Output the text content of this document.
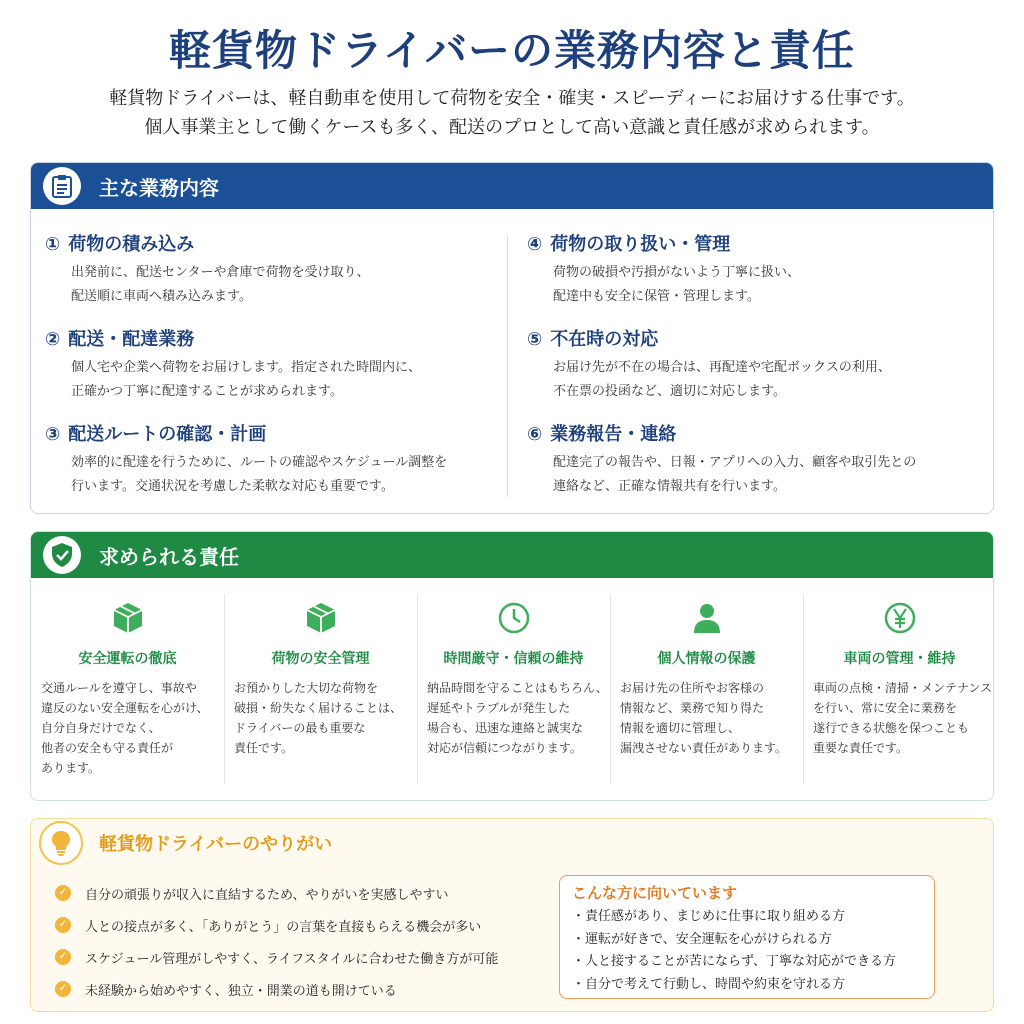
軽貨物ドライバーの業務内容と責任
軽貨物ドライバーは、軽自動車を使用して荷物を安全・確実・スピーディーにお届けする仕事です。
個人事業主として働くケースも多く、配送のプロとして高い意識と責任感が求められます。
主な業務内容
① 荷物の積み込み
出発前に、配送センターや倉庫で荷物を受け取り、
配送順に車両へ積み込みます。
② 配送・配達業務
個人宅や企業へ荷物をお届けします。指定された時間内に、
正確かつ丁寧に配達することが求められます。
③ 配送ルートの確認・計画
効率的に配達を行うために、ルートの確認やスケジュール調整を
行います。交通状況を考慮した柔軟な対応も重要です。
④ 荷物の取り扱い・管理
荷物の破損や汚損がないよう丁寧に扱い、
配達中も安全に保管・管理します。
⑤ 不在時の対応
お届け先が不在の場合は、再配達や宅配ボックスの利用、
不在票の投函など、適切に対応します。
⑥ 業務報告・連絡
配達完了の報告や、日報・アプリへの入力、顧客や取引先との
連絡など、正確な情報共有を行います。
求められる責任
安全運転の徹底
交通ルールを遵守し、事故や
違反のない安全運転を心がけ、
自分自身だけでなく、
他者の安全も守る責任が
あります。
荷物の安全管理
お預かりした大切な荷物を
破損・紛失なく届けることは、
ドライバーの最も重要な
責任です。
時間厳守・信頼の維持
納品時間を守ることはもちろん、
遅延やトラブルが発生した
場合も、迅速な連絡と誠実な
対応が信頼につながります。
個人情報の保護
お届け先の住所やお客様の
情報など、業務で知り得た
情報を適切に管理し、
漏洩させない責任があります。
車両の管理・維持
車両の点検・清掃・メンテナンス
を行い、常に安全に業務を
遂行できる状態を保つことも
重要な責任です。
軽貨物ドライバーのやりがい
✓ 自分の頑張りが収入に直結するため、やりがいを実感しやすい
✓ 人との接点が多く、「ありがとう」の言葉を直接もらえる機会が多い
✓ スケジュール管理がしやすく、ライフスタイルに合わせた働き方が可能
✓ 未経験から始めやすく、独立・開業の道も開けている
こんな方に向いています
・責任感があり、まじめに仕事に取り組める方
・運転が好きで、安全運転を心がけられる方
・人と接することが苦にならず、丁寧な対応ができる方
・自分で考えて行動し、時間や約束を守れる方
